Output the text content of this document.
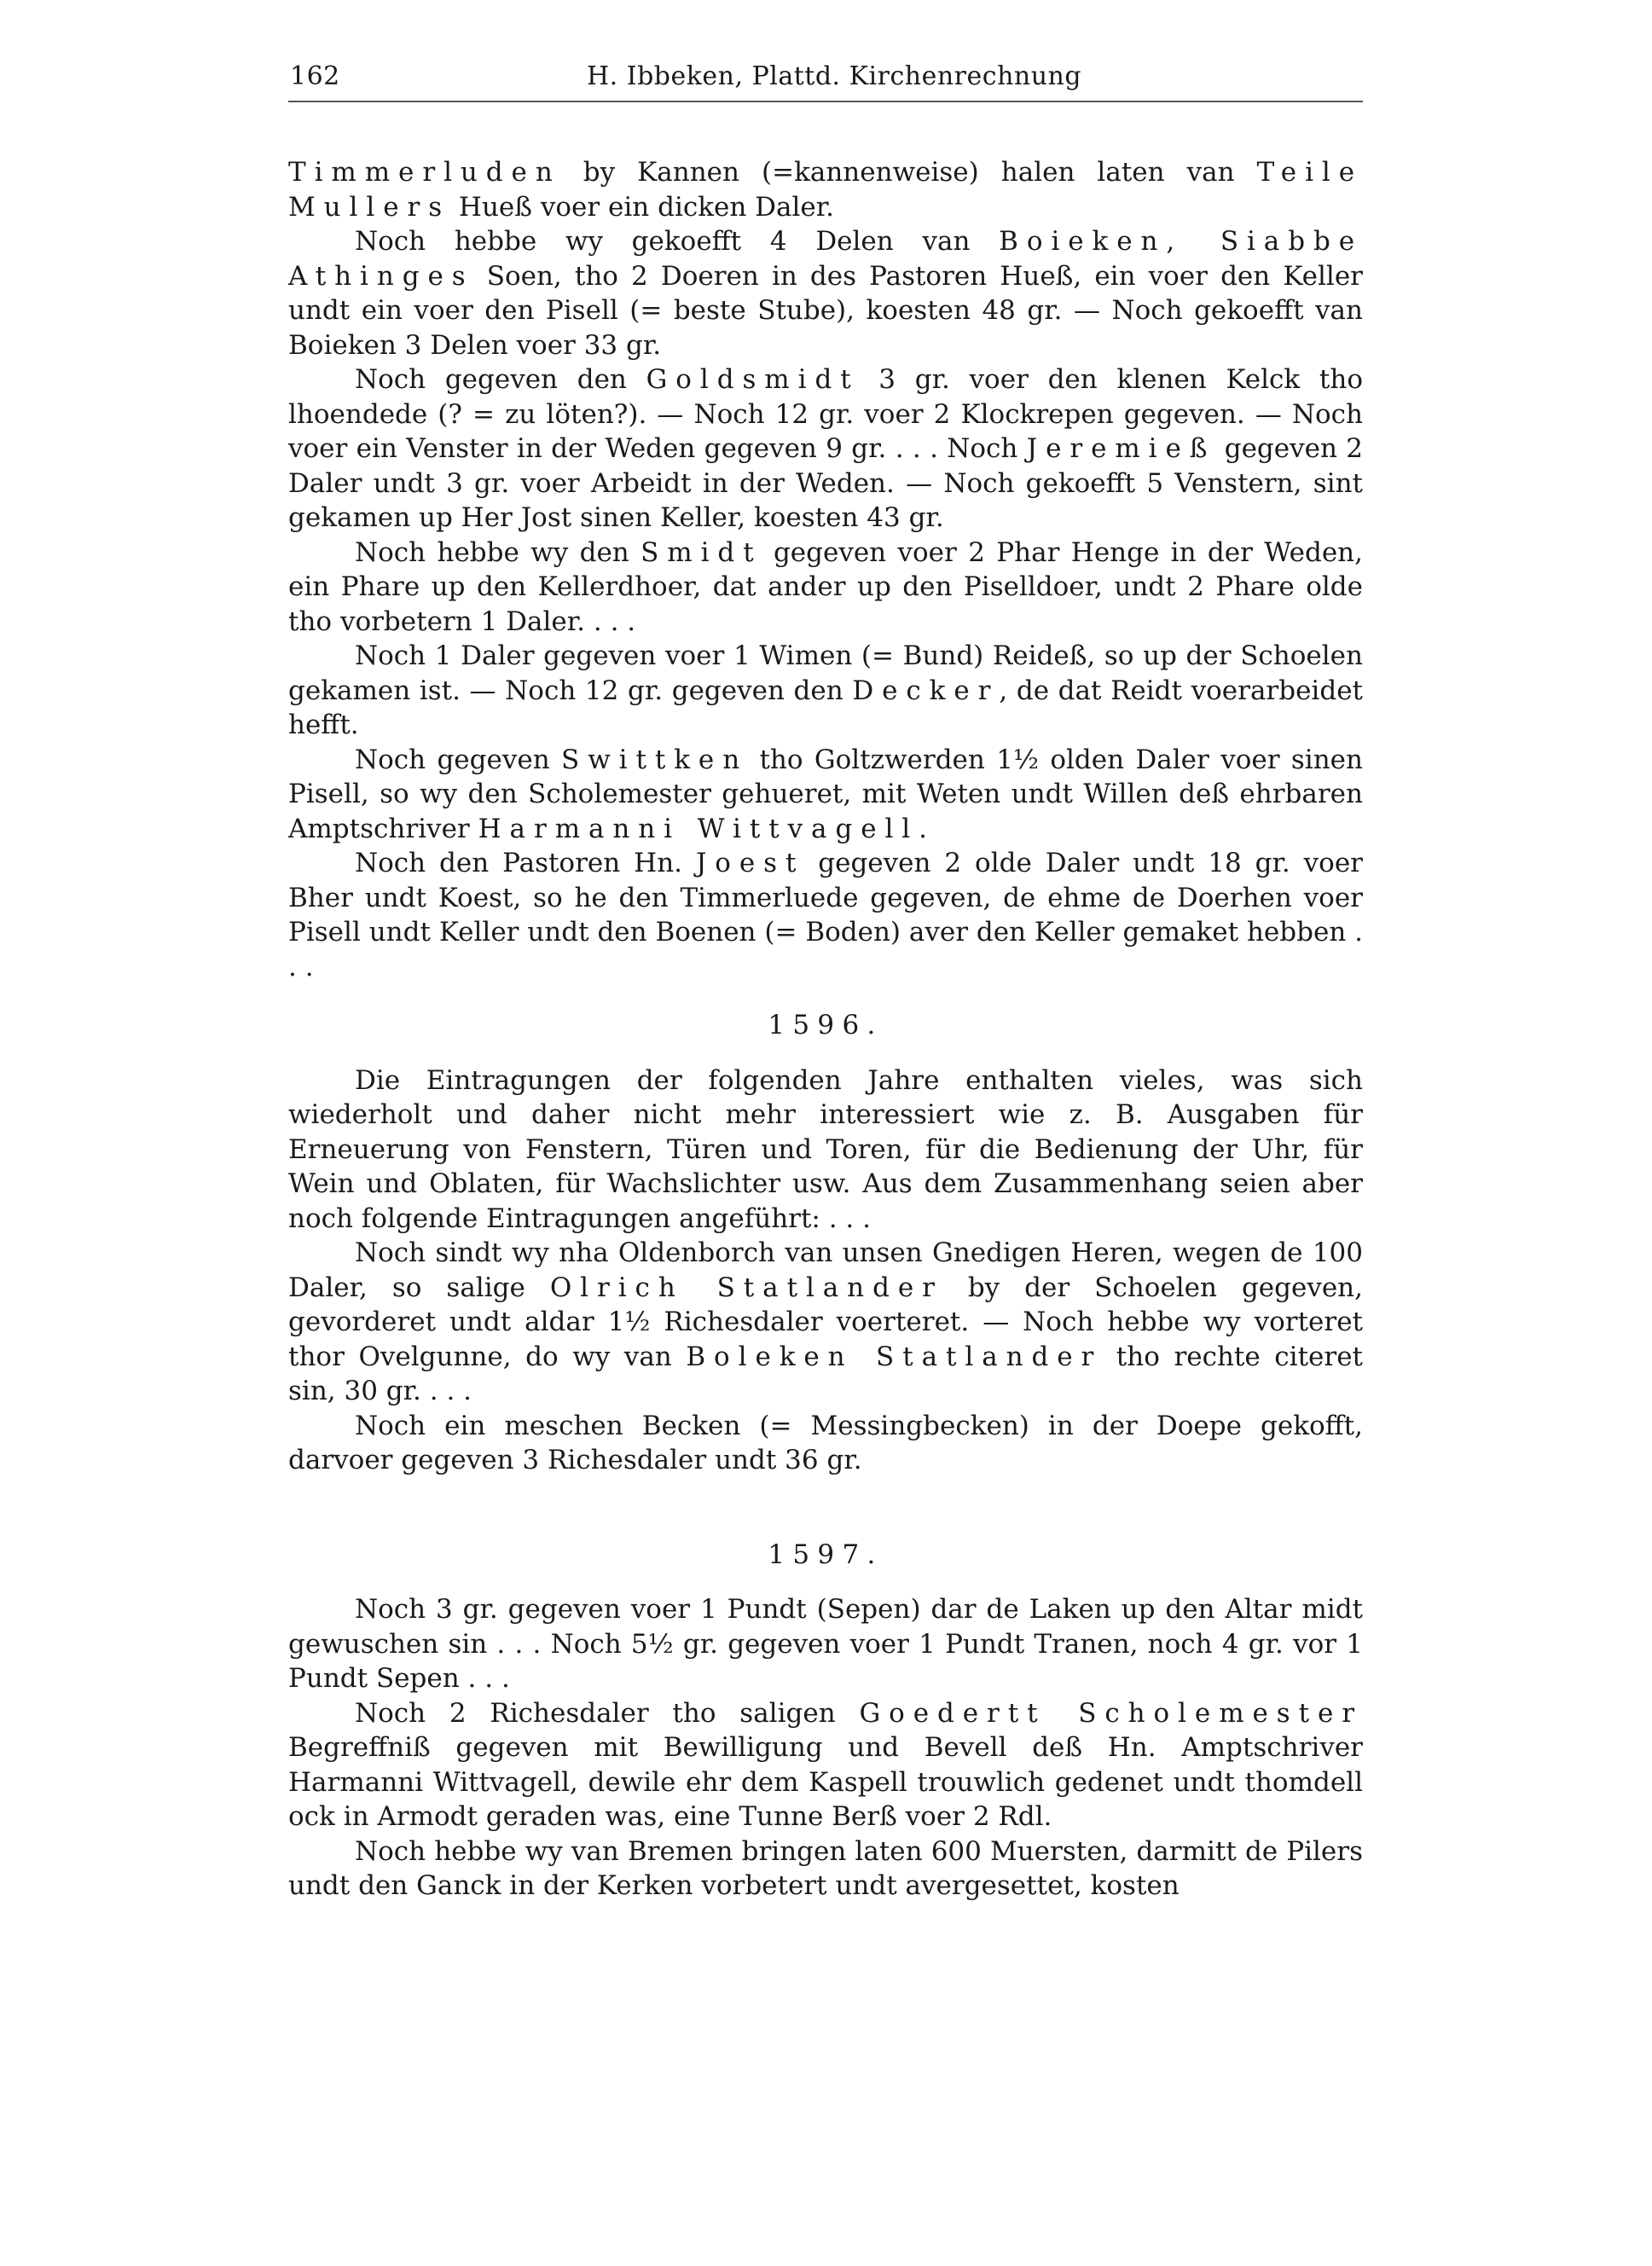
162	H. Ibbeken, Plattd. Kirchenrechnung

Timmerluden by Kannen (=kannenweise) halen laten van Teile Mullers Hueß voer ein dicken Daler.

Noch hebbe wy gekoefft 4 Delen van Boieken, Siabbe Athinges Soen, tho 2 Doeren in des Pastoren Hueß, ein voer den Keller undt ein voer den Pisell (= beste Stube), koesten 48 gr. — Noch gekoefft van Boieken 3 Delen voer 33 gr.

Noch gegeven den Goldsmidt 3 gr. voer den klenen Kelck tho lhoendede (? = zu löten?). — Noch 12 gr. voer 2 Klockrepen gegeven. — Noch voer ein Venster in der Weden gegeven 9 gr. . . . Noch Jeremieß gegeven 2 Daler undt 3 gr. voer Arbeidt in der Weden. — Noch gekoefft 5 Venstern, sint gekamen up Her Jost sinen Keller, koesten 43 gr.

Noch hebbe wy den Smidt gegeven voer 2 Phar Henge in der Weden, ein Phare up den Kellerdhoer, dat ander up den Piselldoer, undt 2 Phare olde tho vorbetern 1 Daler. . . .

Noch 1 Daler gegeven voer 1 Wimen (= Bund) Reideß, so up der Schoelen gekamen ist. — Noch 12 gr. gegeven den Decker, de dat Reidt voerarbeidet hefft.

Noch gegeven Swittken tho Goltzwerden 1½ olden Daler voer sinen Pisell, so wy den Scholemester gehueret, mit Weten undt Willen deß ehrbaren Amptschriver Harmanni Wittvagell.

Noch den Pastoren Hn. Joest gegeven 2 olde Daler undt 18 gr. voer Bher undt Koest, so he den Timmerluede gegeven, de ehme de Doerhen voer Pisell undt Keller undt den Boenen (= Boden) aver den Keller gemaket hebben . . .

1596.

Die Eintragungen der folgenden Jahre enthalten vieles, was sich wiederholt und daher nicht mehr interessiert wie z. B. Ausgaben für Erneuerung von Fenstern, Türen und Toren, für die Bedienung der Uhr, für Wein und Oblaten, für Wachslichter usw. Aus dem Zusammenhang seien aber noch folgende Eintragungen angeführt: . . .

Noch sindt wy nha Oldenborch van unsen Gnedigen Heren, wegen de 100 Daler, so salige Olrich Statlander by der Schoelen gegeven, gevorderet undt aldar 1½ Richesdaler voerteret. — Noch hebbe wy vorteret thor Ovelgunne, do wy van Boleken Statlander tho rechte citeret sin, 30 gr. . . .

Noch ein meschen Becken (= Messingbecken) in der Doepe gekofft, darvoer gegeven 3 Richesdaler undt 36 gr.

1597.

Noch 3 gr. gegeven voer 1 Pundt (Sepen) dar de Laken up den Altar midt gewuschen sin . . . Noch 5½ gr. gegeven voer 1 Pundt Tranen, noch 4 gr. vor 1 Pundt Sepen . . .

Noch 2 Richesdaler tho saligen Goedertt Scholemester Begreffniß gegeven mit Bewilligung und Bevell deß Hn. Amptschriver Harmanni Wittvagell, dewile ehr dem Kaspell trouwlich gedenet undt thomdell ock in Armodt geraden was, eine Tunne Berß voer 2 Rdl.

Noch hebbe wy van Bremen bringen laten 600 Muersten, darmitt de Pilers undt den Ganck in der Kerken vorbetert undt avergesettet, kosten
